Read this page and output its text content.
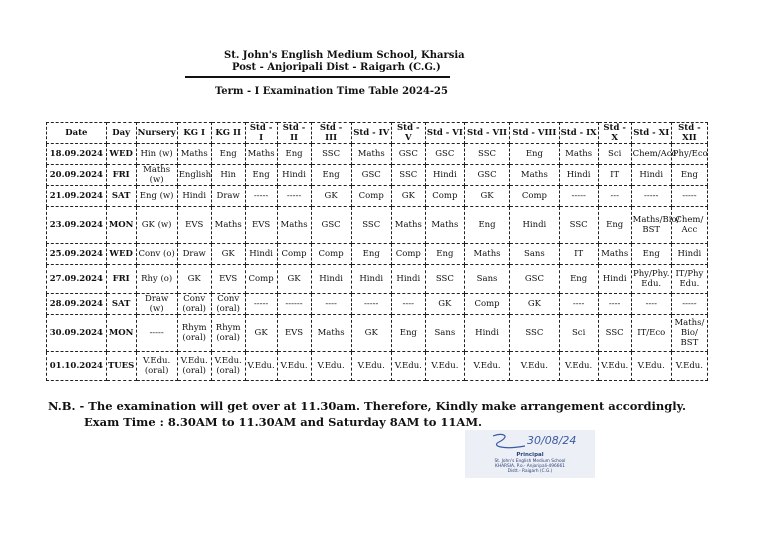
St. John's English Medium School, Kharsia
Post - Anjoripali Dist - Raigarh (C.G.)
Term - I Examination Time Table 2024-25
Date	Day	Nursery	KG I	KG II	Std - I	Std - II	Std - III	Std - IV	Std - V	Std - VI	Std - VII	Std - VIII	Std - IX	Std - X	Std - XI	Std - XII
18.09.2024	WED	Hin (w)	Maths	Eng	Maths	Eng	SSC	Maths	GSC	GSC	SSC	Eng	Maths	Sci	Chem/Acc	Phy/Eco
20.09.2024	FRI	Maths (w)	English	Hin	Eng	Hindi	Eng	GSC	SSC	Hindi	GSC	Maths	Hindi	IT	Hindi	Eng
21.09.2024	SAT	Eng (w)	Hindi	Draw	-----	-----	GK	Comp	GK	Comp	GK	Comp	-----	---	-----	-----
23.09.2024	MON	GK (w)	EVS	Maths	EVS	Maths	GSC	SSC	Maths	Maths	Eng	Hindi	SSC	Eng	Maths/Bio/ BST	Chem/ Acc
25.09.2024	WED	Conv (o)	Draw	GK	Hindi	Comp	Comp	Eng	Comp	Eng	Maths	Sans	IT	Maths	Eng	Hindi
27.09.2024	FRI	Rhy (o)	GK	EVS	Comp	GK	Hindi	Hindi	Hindi	SSC	Sans	GSC	Eng	Hindi	Phy/Phy. Edu.	IT/Phy Edu.
28.09.2024	SAT	Draw (w)	Conv (oral)	Conv (oral)	-----	------	----	-----	----	GK	Comp	GK	----	----	----	-----
30.09.2024	MON	-----	Rhym (oral)	Rhym (oral)	GK	EVS	Maths	GK	Eng	Sans	Hindi	SSC	Sci	SSC	IT/Eco	Maths/ Bio/ BST
01.10.2024	TUES	V.Edu. (oral)	V.Edu. (oral)	V.Edu. (oral)	V.Edu.	V.Edu.	V.Edu.	V.Edu.	V.Edu.	V.Edu.	V.Edu.	V.Edu.	V.Edu.	V.Edu.	V.Edu.	V.Edu.
N.B. - The examination will get over at 11.30am. Therefore, Kindly make arrangement accordingly.
Exam Time : 8.30AM to 11.30AM and Saturday 8AM to 11AM.
30/08/24
Principal
St. John's English Medium School
KHARSIA, P.o.- Anjoripali-496661
Distt.- Raigarh (C.G.)
